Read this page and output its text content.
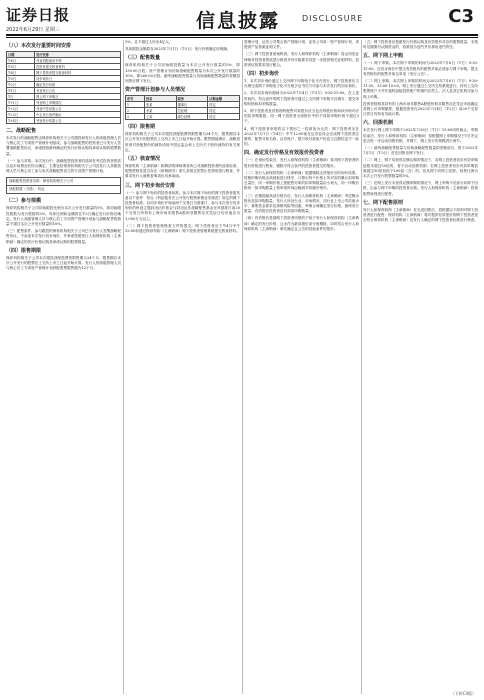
证券日报
2022年6月29日 星期三	信息披露	DISCLOSURE	C3
（八）本次发行重要时间安排
日期	发行安排
T-6日	刊登招股意向书等
T-5日	投资者提交核查材料
T-4日	网下投资者提交核查材料
T-3日	初步询价日
T-2日	确定发行价格
T-1日	刊登发行公告
T日	网上网下申购日
T+1日	刊登网上申购情况
T+2日	刊登中签结果公告
T+3日	中止发行条件确认
T+4日	刊登发行结果公告
二、战略配售

本次发行的战略配售由保荐机构相关子公司跟投和发行人的高级管理人员与核心员工专项资产管理计划组成。参与战略配售的投资者已与发行人签署战略配售协议，承诺按照最终确定的发行价格认购其承诺认购的股票数量。

（一）参与对象。本次发行中，战略配售投资者的选择在考虑投资者资质以及市场情况后综合确定，主要包括保荐机构相关子公司及发行人高级管理人员与核心员工参与本次战略配售设立的专项资产管理计划。

战略配售投资者名称：保荐机构相关子公司
获配股数（万股）：待定
（二）参与规模

保荐机构相关子公司初始跟投比例为本次公开发行数量的5%，即初始跟投股数为发行股数的5%。具体比例和金额将在T-2日确定发行价格后确定。发行人高级管理人员与核心员工专项资产管理计划参与战略配售的数量不超过本次公开发行数量的10%。

（三）配售条件。参与跟投的保荐机构相关子公司已与发行人签署战略配售协议，不参加本次发行初步询价，并承诺按照发行人和保荐机构（主承销商）确定的发行价格认购其承诺认购的股票数量。

（四）限售期限

保荐机构相关子公司本次跟投获配股票的限售期为24个月，限售期自本次公开发行的股票在上交所上市之日起开始计算。发行人的高级管理人员与核心员工专项资产管理计划获配股票限售期为12个月。

3%，且不超过人民币4亿元。

具体跟投金额将在2022年7月1日（T-2日）发行价格确定后明确。

（三）配售数量

保荐机构相关子公司初始跟投数量为本次公开发行数量的5%，即130.00万股；资产管理计划初始战略配售数量为本次公开发行数量的10%，即260.00万股。最终战略配售数量与初始战略配售数量的差额将回拨至网下发行。

资产管理计划参与人员情况
序号	姓名	职务	认购金额
1	张某	董事长	待定
2	李某	总经理	待定
3	王某	副总经理	待定
（四）限售期

保荐机构相关子公司本次跟投获配股票的限售期为24个月，限售期自本次公开发行的股票在上交所上市之日起开始计算。限售期届满后，战略投资者对获配股份的减持适用中国证监会和上交所关于股份减持的有关规定。

（五）核查情况

保荐机构（主承销商）和聘请的律师事务所已对战略投资者的选取标准、配售资格及是否存在《承销指引》第九条规定的禁止性情形进行核查，并要求发行人就核查事项出具承诺函。

三、网下初步询价安排

（一）参与网下询价的投资者标准。参与本次网下询价的网下投资者需具备以下条件：符合《科创板首次公开发行股票承销业务规范》规定的网下投资者标准；以初步询价开始前两个交易日为基准日，参与本次发行初步询价的科创主题封闭运作基金与封闭运作战略配售基金在该基准日前20个交易日所持有上海市场非限售A股和非限售存托凭证日均市值应为1,000万元以上。

（二）网下投资者资格核查文件的提交。网下投资者应于T-4日中午12:00前通过保荐机构（主承销商）网下投资者管理系统提交核查材料。

管理计划、证券公司集合资产管理计划、证券公司单一资产管理计划，须提供产品备案证明文件。

（三）网下投资者备案核查。发行人和保荐机构（主承销商）将会同见证律师对投资者资质进行核查并有可能要求其进一步提供相关证明材料，投资者应按要求进行配合。

（四）初步询价

1、本次初步询价通过上交所网下申购电子化平台进行，网下投资者应当办理完成网下申购电子化平台数字证书后方可参与本次发行的初步询价。

2、本次初步询价期间为2022年7月4日（T-3日）9:30-15:00。在上述时间内，符合条件的网下投资者可通过上交所网下申购平台填写、提交申购价格和拟申购数量。

3、网下投资者及其管理的配售对象报价应当包含每股价格和该价格对应的拟申购股数，同一网下投资者全部报价中的不同拟申购价格不超过3个。

4、网下投资者申报的以下情形之一将被视为无效：网下投资者未在2022年7月1日（T-4日）中午12:00前在证券业协会完成网下投资者注册的；配售对象名称、证券账户、银行收付款账户信息与注册信息不一致的。

四、确定发行价格及有效报价投资者

（一）在询价结束后，发行人和保荐机构（主承销商）将对网下投资者的报价资格进行核查，剔除不符合条件的投资者提交的报价。

（二）发行人和保荐机构（主承销商）根据剔除无效报价后的询价结果，按照申购价格由高到低进行排序、计算出每个价格上所对应的累计拟申购总量后，同一申购价格上按配售对象的拟申购数量由小到大、同一申购价格同一拟申购数量上按申报时间由晚到早的顺序排序。

（三）在剔除最高部分报价后，发行人和保荐机构（主承销商）考虑剩余报价及拟申购数量、发行人所处行业、市场情况、同行业上市公司估值水平、募集资金需求及承销风险等因素，审慎合理确定发行价格、最终发行数量、有效报价投资者及有效拟申购数量。

（四）有效报价是指网下投资者申报的不低于发行人和保荐机构（主承销商）确定的发行价格，且未作为最高报价部分被剔除，同时符合发行人和保荐机构（主承销商）事先确定且公告的其他条件的报价。

（五）网下投资者应按照发行价格认购其有效报价对应的股票数量，未按时足额缴付认购资金的，将被视为违约并应承担违约责任。

五、网下网上申购

（一）网下申购。本次网下申购的时间为2022年7月6日（T日）9:30-15:00。在初步询价中提交有效报价的配售对象必须参与网下申购。提交有效报价的配售对象名单见《发行公告》。

（二）网上申购。本次网上申购的时间为2022年7月6日（T日）9:30-11:30，13:00-15:00。网上发行通过上交所交易系统进行。持有上交所股票账户卡并开通科创板投资账户的境内自然人、法人及其它机构可参与网上申购。

投资者按照其持有的上海市场非限售A股股份和非限售存托凭证市值确定其网上可申购额度，根据投资者在2022年7月4日（T-2日）前20个交易日的日均持有市值计算。

六、回拨机制

本次发行网上网下申购于2022年7月6日（T日）15:00同时截止。申购结束后，发行人和保荐机构（主承销商）将根据网上申购情况于T日决定是否进一步启动回拨机制，对网下、网上发行的规模进行调节。

（一）最终战略配售数量与初始战略配售数量的差额部分，将于2022年7月1日（T-2日）首先回拨至网下发行。

（二）网上、网下均获得足额认购的情况下，若网上投资者初步有效申购倍数未超过50倍的，将不启动回拨机制；若网上投资者初步有效申购倍数超过50倍但低于100倍（含）的，应从网下向网上回拨，回拨比例为本次公开发行股票数量的5%。

（三）在网上发行未获得足额申购的情况下，网上申购不足部分向网下回拨，由参与网下申购的投资者认购，发行人和保荐机构（主承销商）将按配售原则进行配售。

七、网下配售原则

发行人和保荐机构（主承销商）在完成回拨后，将根据以下原则对网下投资者进行配售：保荐机构（主承销商）将对提供有效报价的网下投资者是否符合保荐机构（主承销商）及发行人确定的网下投资者标准进行核查。

（下转C4版）
